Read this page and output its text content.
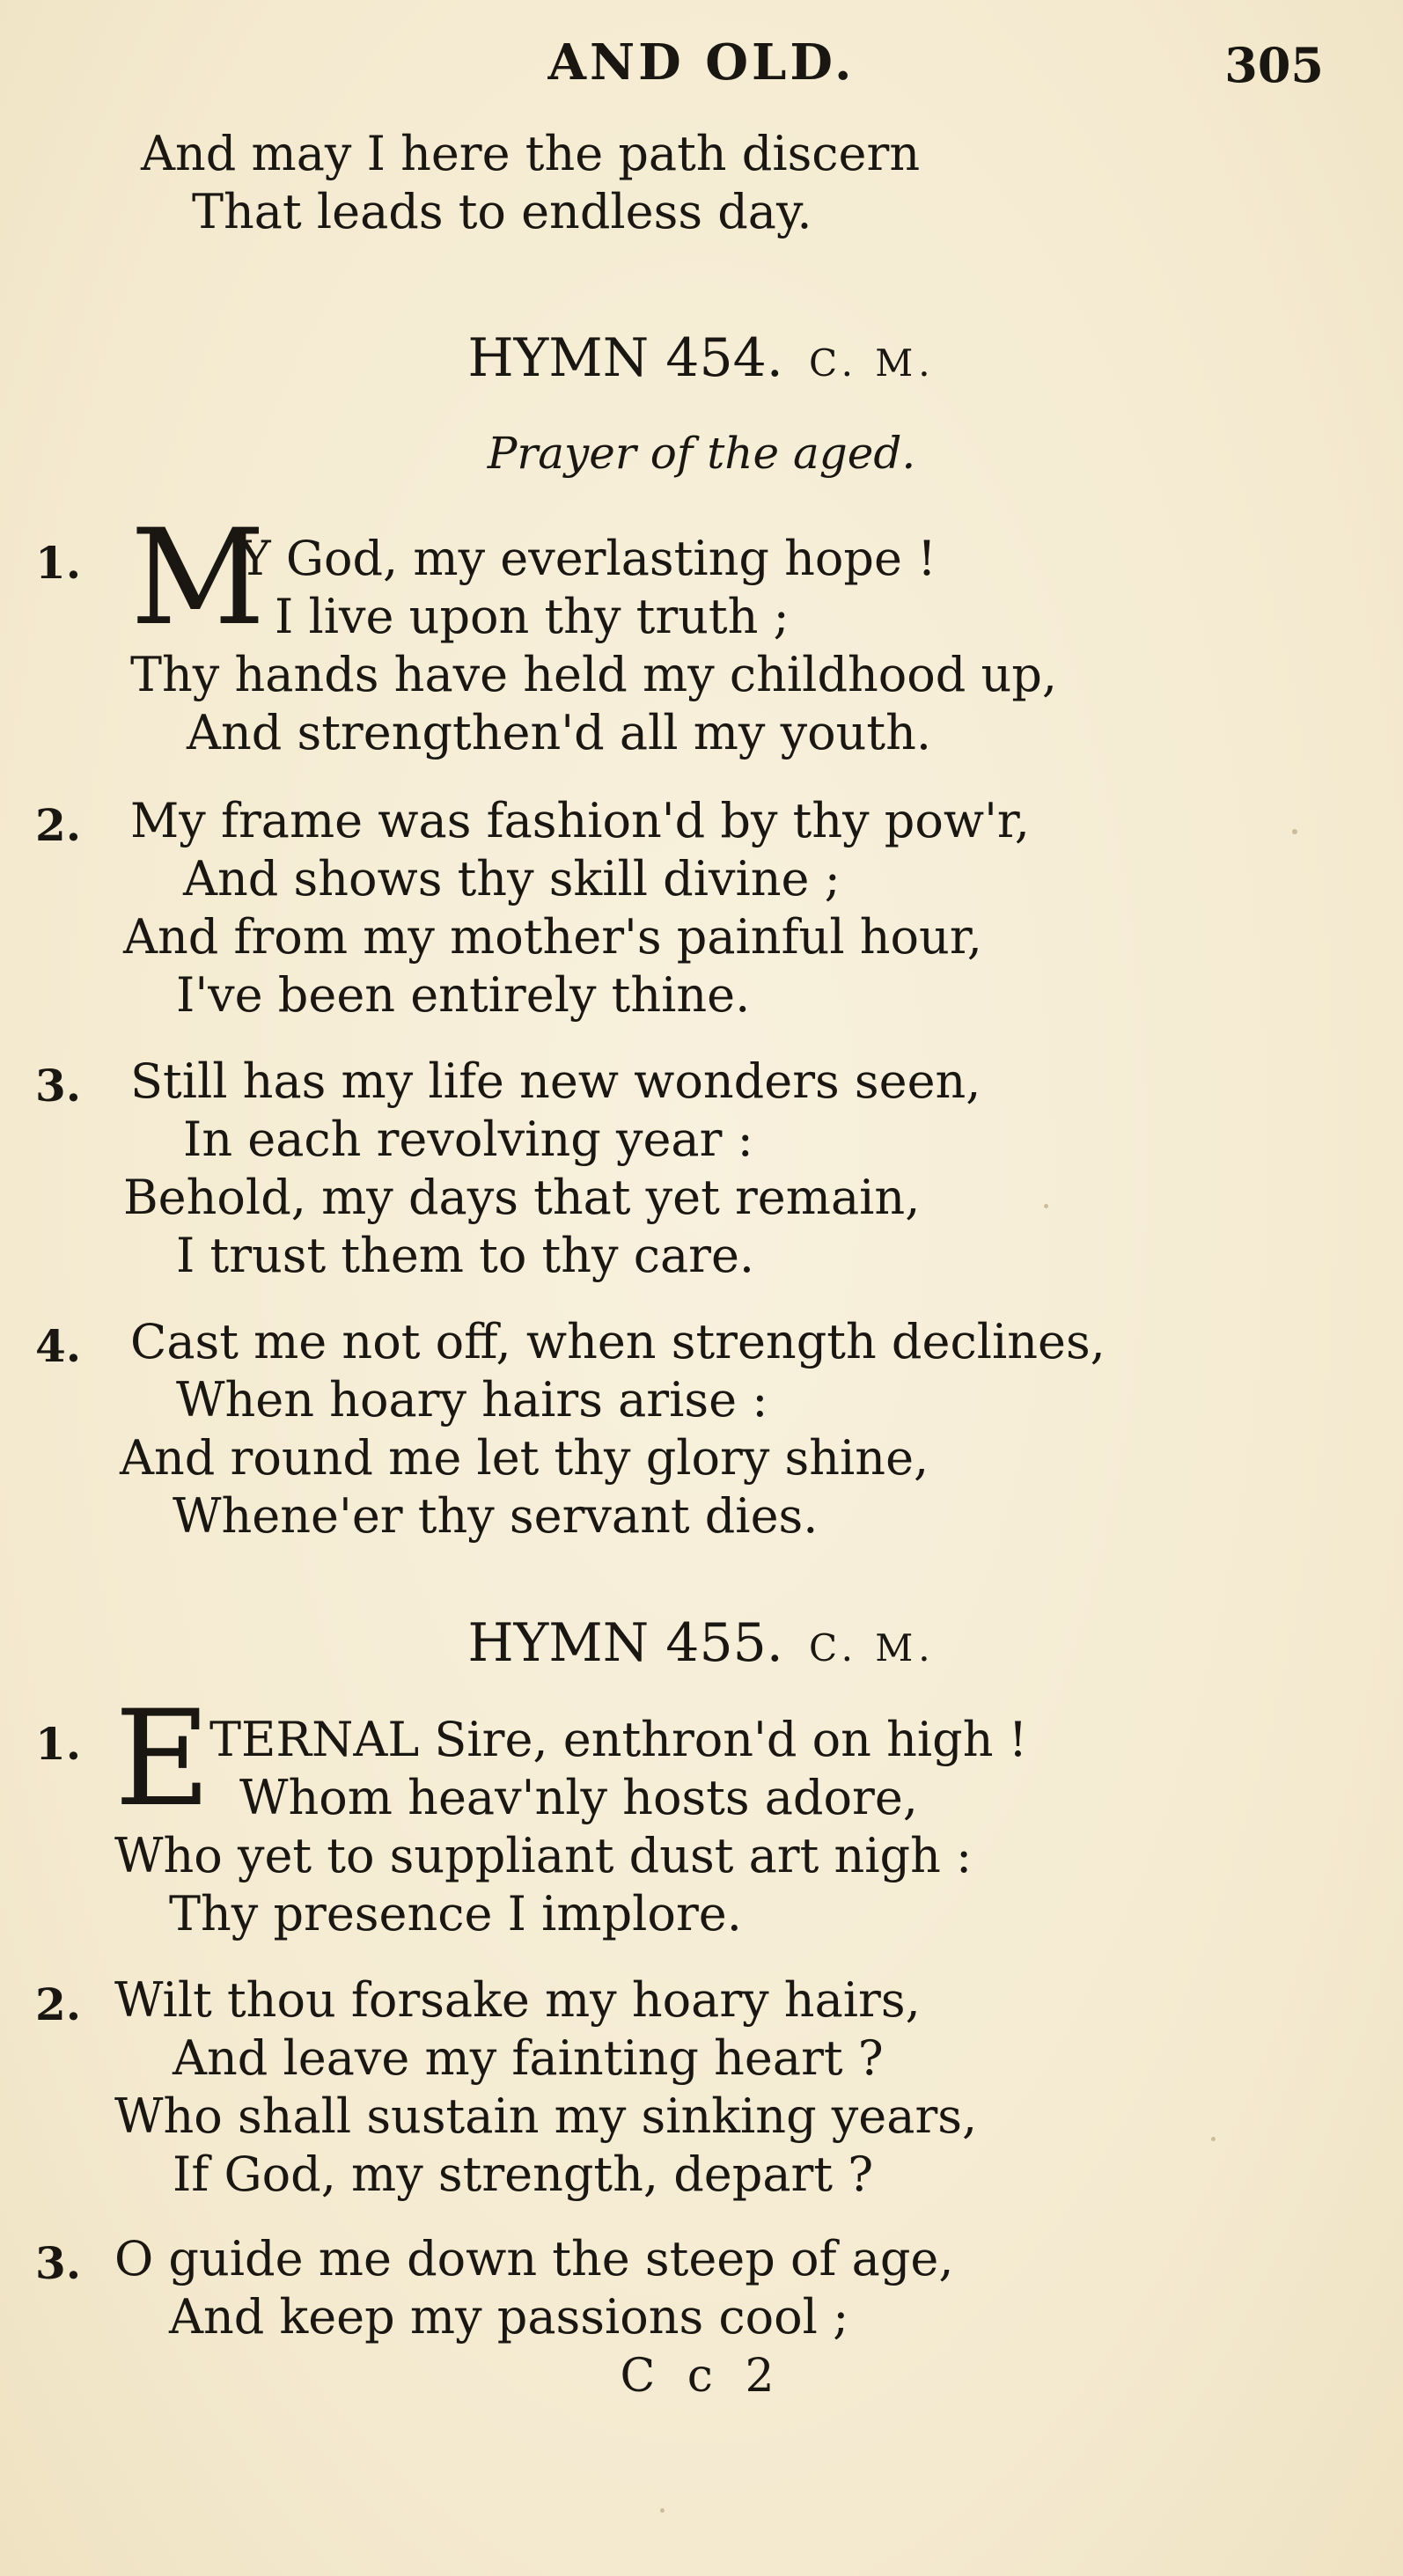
AND OLD.	305
And may I here the path discern
That leads to endless day.
HYMN 454. C. M.
Prayer of the aged.
1. M
Y God, my everlasting hope !
I live upon thy truth ;
Thy hands have held my childhood up,
And strengthen'd all my youth.
2. My frame was fashion'd by thy pow'r,
And shows thy skill divine ;
And from my mother's painful hour,
I've been entirely thine.
3. Still has my life new wonders seen,
In each revolving year :
Behold, my days that yet remain,
I trust them to thy care.
4. Cast me not off, when strength declines,
When hoary hairs arise :
And round me let thy glory shine,
Whene'er thy servant dies.
HYMN 455. C. M.
1. E
TERNAL Sire, enthron'd on high !
Whom heav'nly hosts adore,
Who yet to suppliant dust art nigh :
Thy presence I implore.
2. Wilt thou forsake my hoary hairs,
And leave my fainting heart ?
Who shall sustain my sinking years,
If God, my strength, depart ?
3. O guide me down the steep of age,
And keep my passions cool ;
C c 2
